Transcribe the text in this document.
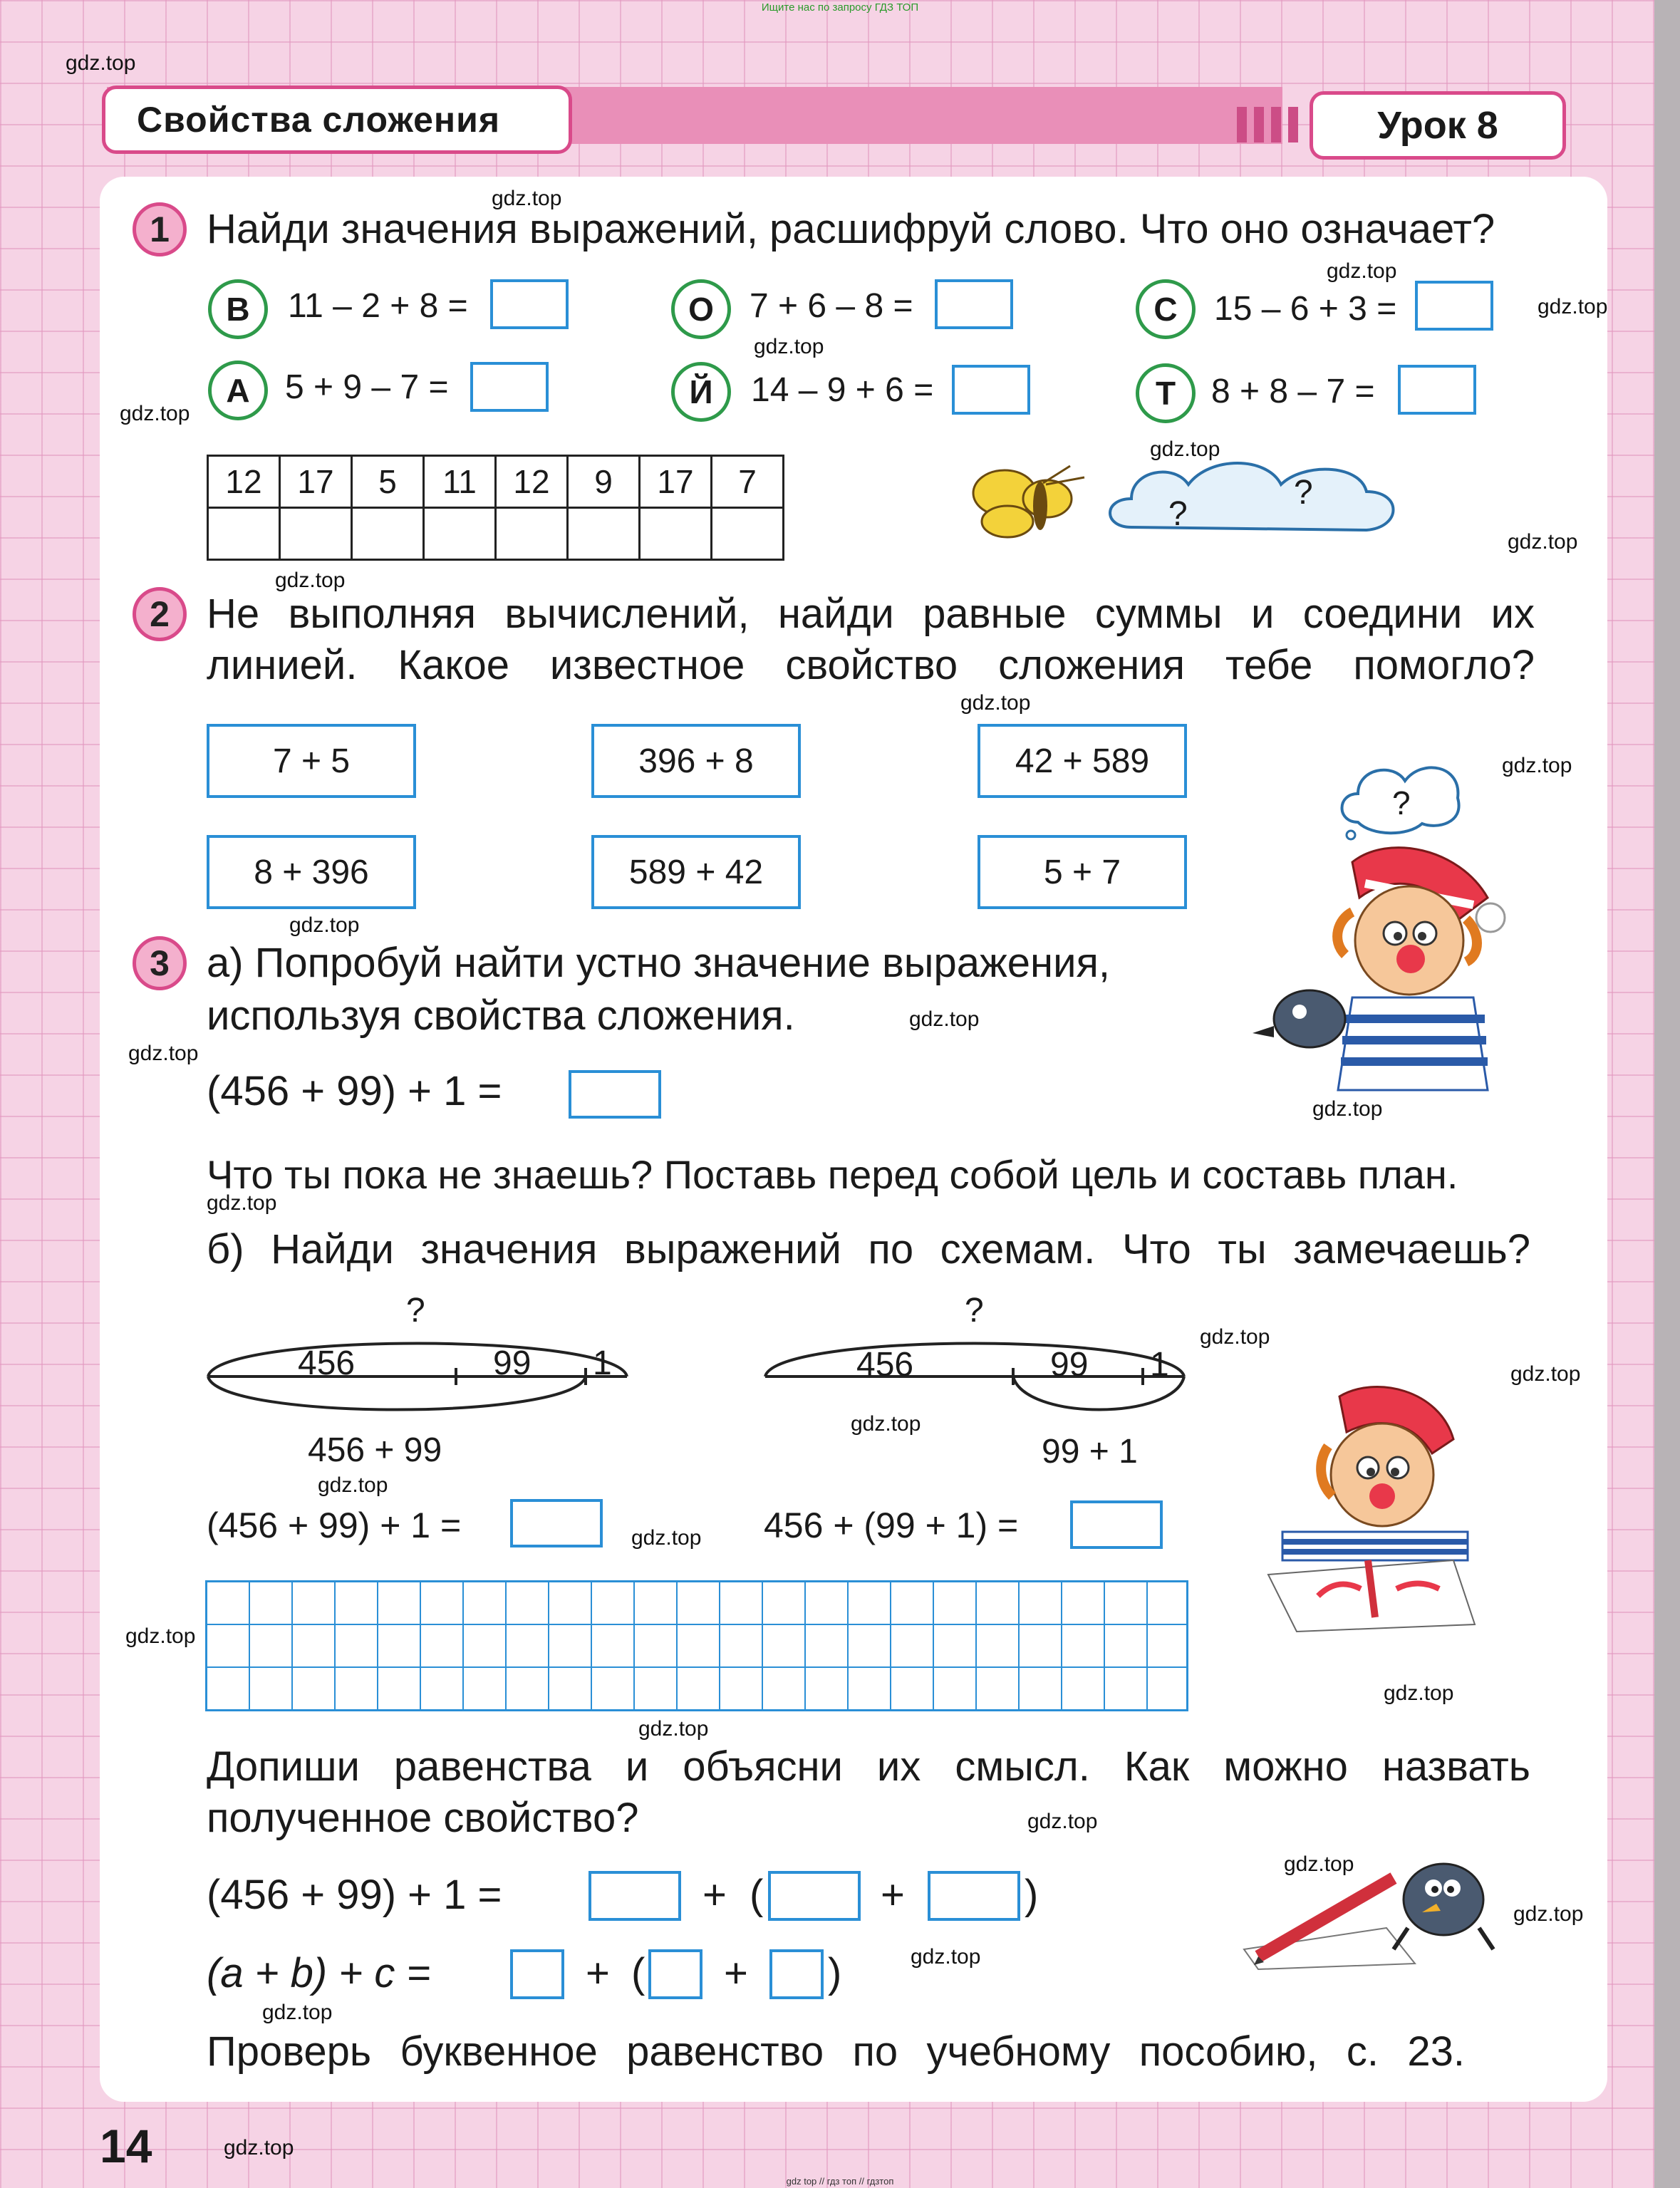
Ищите нас по запросу ГДЗ ТОП
Свойства сложения	Урок 8
gdz.top
gdz.top
gdz.top
gdz.top
gdz.top
gdz.top
gdz.top
gdz.top
gdz.top
gdz.top
gdz.top
gdz.top
gdz.top
gdz.top
gdz.top
gdz.top
gdz.top
gdz.top
gdz.top
gdz.top
gdz.top
gdz.top
gdz.top
gdz.top
gdz.top
gdz.top
gdz.top
gdz.top
gdz.top
gdz.top
1 Найди значения выражений, расшифруй слово. Что оно означает?
В	11 – 2 + 8 =	О	7 + 6 – 8 =	С	15 – 6 + 3 =
А	5 + 9 – 7 =	Й	14 – 9 + 6 =	Т	8 + 8 – 7 =
12	17	5	11	12	9	17	7

?
?
2 Не выполняя вычислений, найди равные суммы и соедини их
линией. Какое известное свойство сложения тебе помогло?
7 + 5	396 + 8	42 + 589
8 + 396	589 + 42	5 + 7
?
3 а) Попробуй найти устно значение выражения,
используя свойства сложения.
(456 + 99) + 1 =
Что ты пока не знаешь? Поставь перед собой цель и составь план.
б) Найди значения выражений по схемам. Что ты замечаешь?
?
456	99 1
456 + 99
(456 + 99) + 1 =
?
456	99 1
99 + 1
456 + (99 + 1) =
Допиши равенства и объясни их смысл. Как можно назвать
полученное свойство?
(456 + 99) + 1 =	+ (	+	)
(a + b) + c =	+ ( + )
Проверь буквенное равенство по учебному пособию, с. 23.
14
gdz top // гдз топ // гдзтоп
